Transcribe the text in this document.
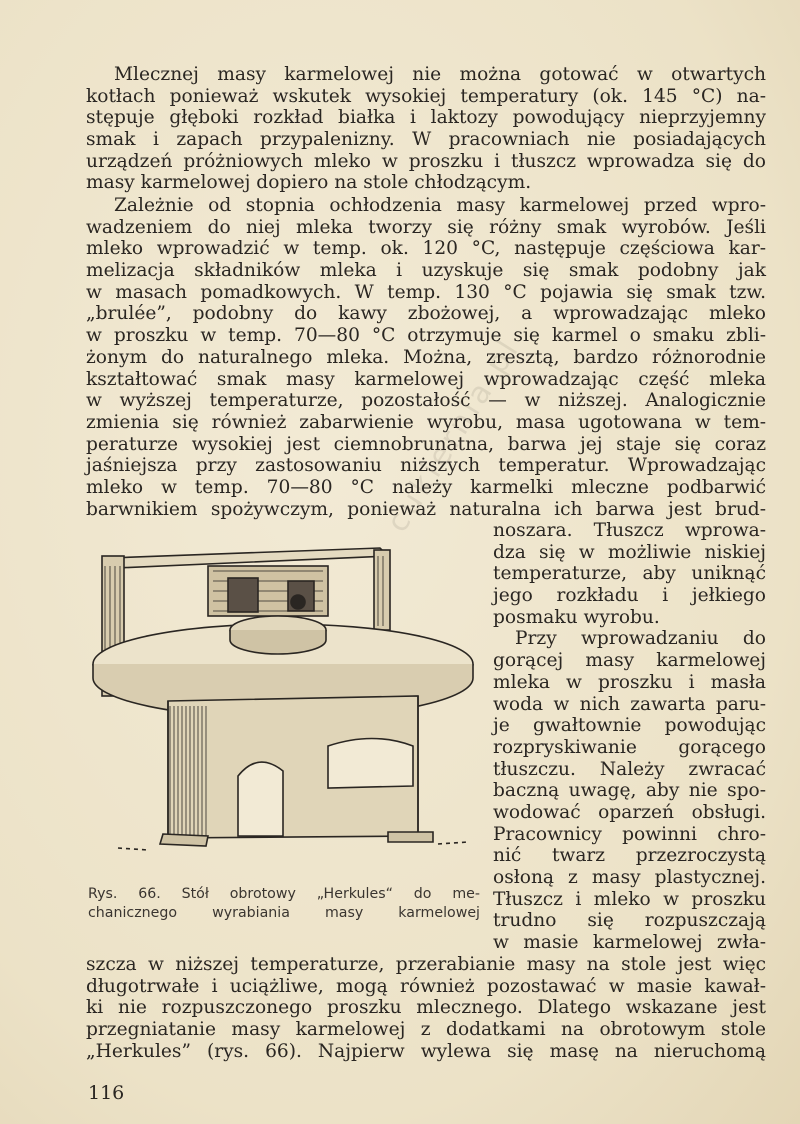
cukiernia.pl
Mlecznej masy karmelowej nie można gotować w otwartych
kotłach ponieważ wskutek wysokiej temperatury (ok. 145 °C) na-
stępuje głęboki rozkład białka i laktozy powodujący nieprzyjemny
smak i zapach przypalenizny. W pracowniach nie posiadających
urządzeń próżniowych mleko w proszku i tłuszcz wprowadza się do
masy karmelowej dopiero na stole chłodzącym.
Zależnie od stopnia ochłodzenia masy karmelowej przed wpro-
wadzeniem do niej mleka tworzy się różny smak wyrobów. Jeśli
mleko wprowadzić w temp. ok. 120 °C, następuje częściowa kar-
melizacja składników mleka i uzyskuje się smak podobny jak
w masach pomadkowych. W temp. 130 °C pojawia się smak tzw.
„brulée”, podobny do kawy zbożowej, a wprowadzając mleko
w proszku w temp. 70—80 °C otrzymuje się karmel o smaku zbli-
żonym do naturalnego mleka. Można, zresztą, bardzo różnorodnie
kształtować smak masy karmelowej wprowadzając część mleka
w wyższej temperaturze, pozostałość — w niższej. Analogicznie
zmienia się również zabarwienie wyrobu, masa ugotowana w tem-
peraturze wysokiej jest ciemnobrunatna, barwa jej staje się coraz
jaśniejsza przy zastosowaniu niższych temperatur. Wprowadzając
mleko w temp. 70—80 °C należy karmelki mleczne podbarwić
barwnikiem spożywczym, ponieważ naturalna ich barwa jest brud-
Rys. 66. Stół obrotowy „Herkules“ do me-
chanicznego wyrabiania masy karmelowej
noszara. Tłuszcz wprowa-
dza się w możliwie niskiej
temperaturze, aby uniknąć
jego rozkładu i jełkiego
posmaku wyrobu.
Przy wprowadzaniu do
gorącej masy karmelowej
mleka w proszku i masła
woda w nich zawarta paru-
je gwałtownie powodując
rozpryskiwanie gorącego
tłuszczu. Należy zwracać
baczną uwagę, aby nie spo-
wodować oparzeń obsługi.
Pracownicy powinni chro-
nić twarz przezroczystą
osłoną z masy plastycznej.
Tłuszcz i mleko w proszku
trudno się rozpuszczają
w masie karmelowej zwła-
szcza w niższej temperaturze, przerabianie masy na stole jest więc
długotrwałe i uciążliwe, mogą również pozostawać w masie kawał-
ki nie rozpuszczonego proszku mlecznego. Dlatego wskazane jest
przegniatanie masy karmelowej z dodatkami na obrotowym stole
„Herkules” (rys. 66). Najpierw wylewa się masę na nieruchomą
116
